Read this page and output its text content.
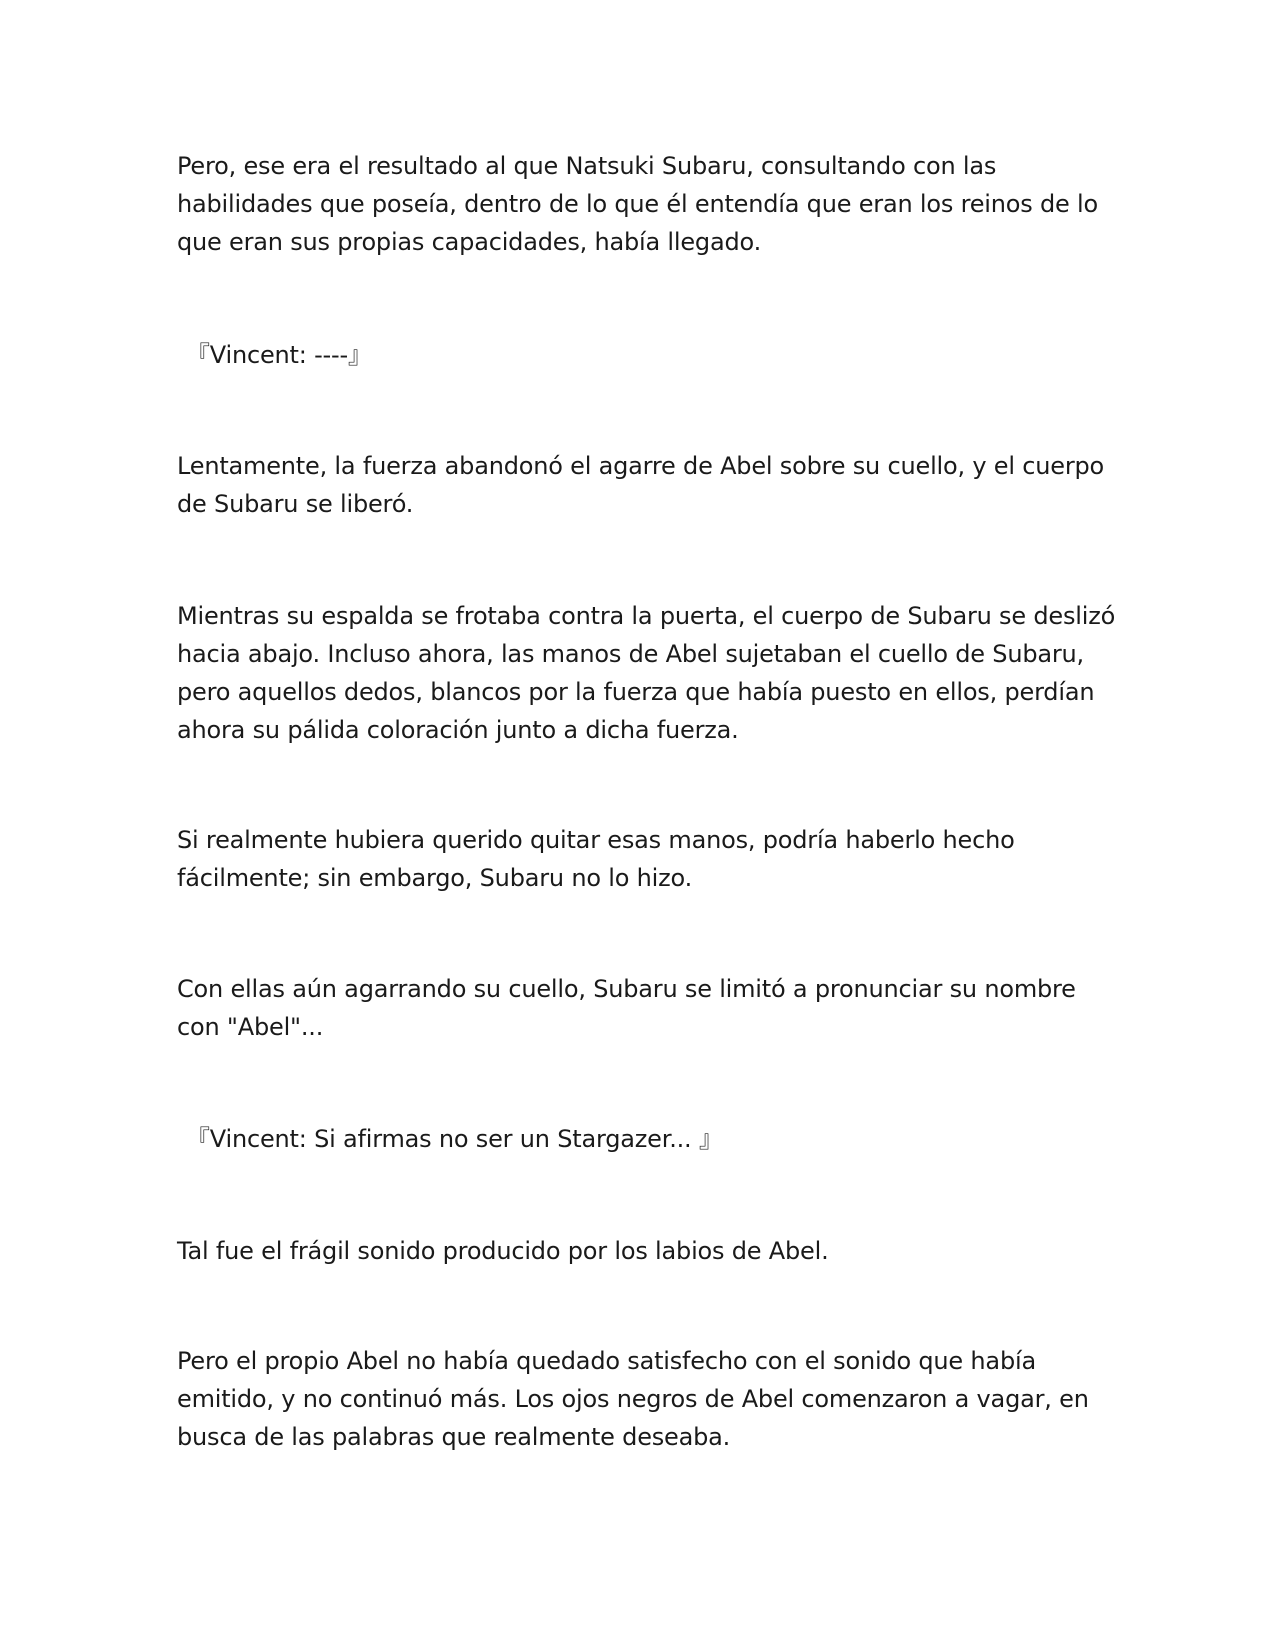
Pero, ese era el resultado al que Natsuki Subaru, consultando con las habilidades que poseía, dentro de lo que él entendía que eran los reinos de lo que eran sus propias capacidades, había llegado.

『Vincent: ----』

Lentamente, la fuerza abandonó el agarre de Abel sobre su cuello, y el cuerpo de Subaru se liberó.

Mientras su espalda se frotaba contra la puerta, el cuerpo de Subaru se deslizó hacia abajo. Incluso ahora, las manos de Abel sujetaban el cuello de Subaru, pero aquellos dedos, blancos por la fuerza que había puesto en ellos, perdían ahora su pálida coloración junto a dicha fuerza.

Si realmente hubiera querido quitar esas manos, podría haberlo hecho fácilmente; sin embargo, Subaru no lo hizo.

Con ellas aún agarrando su cuello, Subaru se limitó a pronunciar su nombre con "Abel"...

『Vincent: Si afirmas no ser un Stargazer... 』

Tal fue el frágil sonido producido por los labios de Abel.

Pero el propio Abel no había quedado satisfecho con el sonido que había emitido, y no continuó más. Los ojos negros de Abel comenzaron a vagar, en busca de las palabras que realmente deseaba.
